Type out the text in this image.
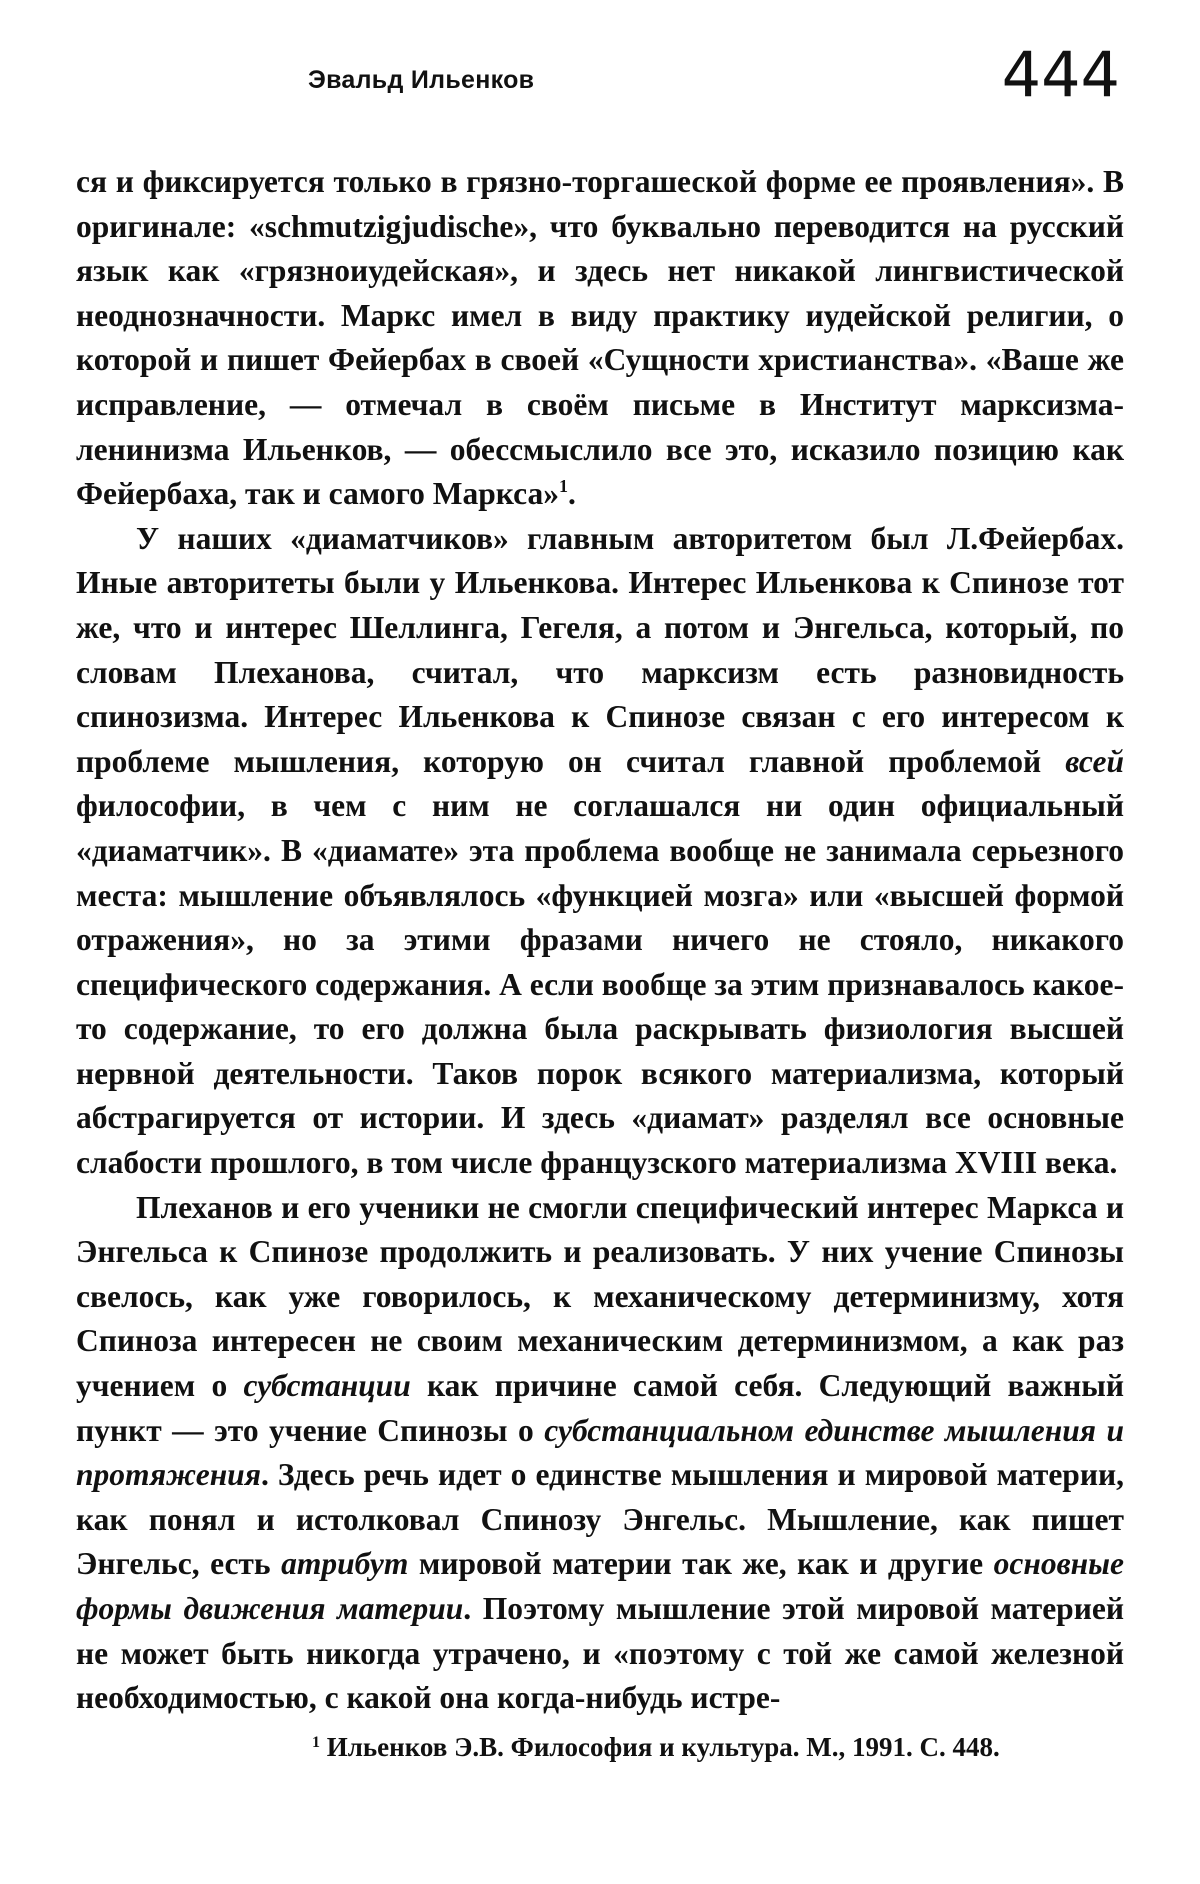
Эвальд Ильенков	444

ся и фиксируется только в грязно-торгашеской форме ее проявления». В оригинале: «schmutzigjudische», что буквально переводится на русский язык как «грязноиудейская», и здесь нет никакой лингвистической неоднозначности. Маркс имел в виду практику иудейской религии, о которой и пишет Фейербах в своей «Сущности христианства». «Ваше же исправление, — отмечал в своём письме в Институт марксизма-ленинизма Ильенков, — обессмыслило все это, исказило позицию как Фейербаха, так и самого Маркса»$^1$.

У наших «диаматчиков» главным авторитетом был Л.Фейербах. Иные авторитеты были у Ильенкова. Интерес Ильенкова к Спинозе тот же, что и интерес Шеллинга, Гегеля, а потом и Энгельса, который, по словам Плеханова, считал, что марксизм есть разновидность спинозизма. Интерес Ильенкова к Спинозе связан с его интересом к проблеме мышления, которую он считал главной проблемой всей философии, в чем с ним не соглашался ни один официальный «диаматчик». В «диамате» эта проблема вообще не занимала серьезного места: мышление объявлялось «функцией мозга» или «высшей формой отражения», но за этими фразами ничего не стояло, никакого специфического содержания. А если вообще за этим признавалось какое-то содержание, то его должна была раскрывать физиология высшей нервной деятельности. Таков порок всякого материализма, который абстрагируется от истории. И здесь «диамат» разделял все основные слабости прошлого, в том числе французского материализма XVIII века.

Плеханов и его ученики не смогли специфический интерес Маркса и Энгельса к Спинозе продолжить и реализовать. У них учение Спинозы свелось, как уже говорилось, к механическому детерминизму, хотя Спиноза интересен не своим механическим детерминизмом, а как раз учением о субстанции как причине самой себя. Следующий важный пункт — это учение Спинозы о субстанциальном единстве мышления и протяжения. Здесь речь идет о единстве мышления и мировой материи, как понял и истолковал Спинозу Энгельс. Мышление, как пишет Энгельс, есть атрибут мировой материи так же, как и другие основные формы движения материи. Поэтому мышление этой мировой материей не может быть никогда утрачено, и «поэтому с той же самой железной необходимостью, с какой она когда-нибудь истре-

$^1$ Ильенков Э.В. Философия и культура. М., 1991. С. 448.
